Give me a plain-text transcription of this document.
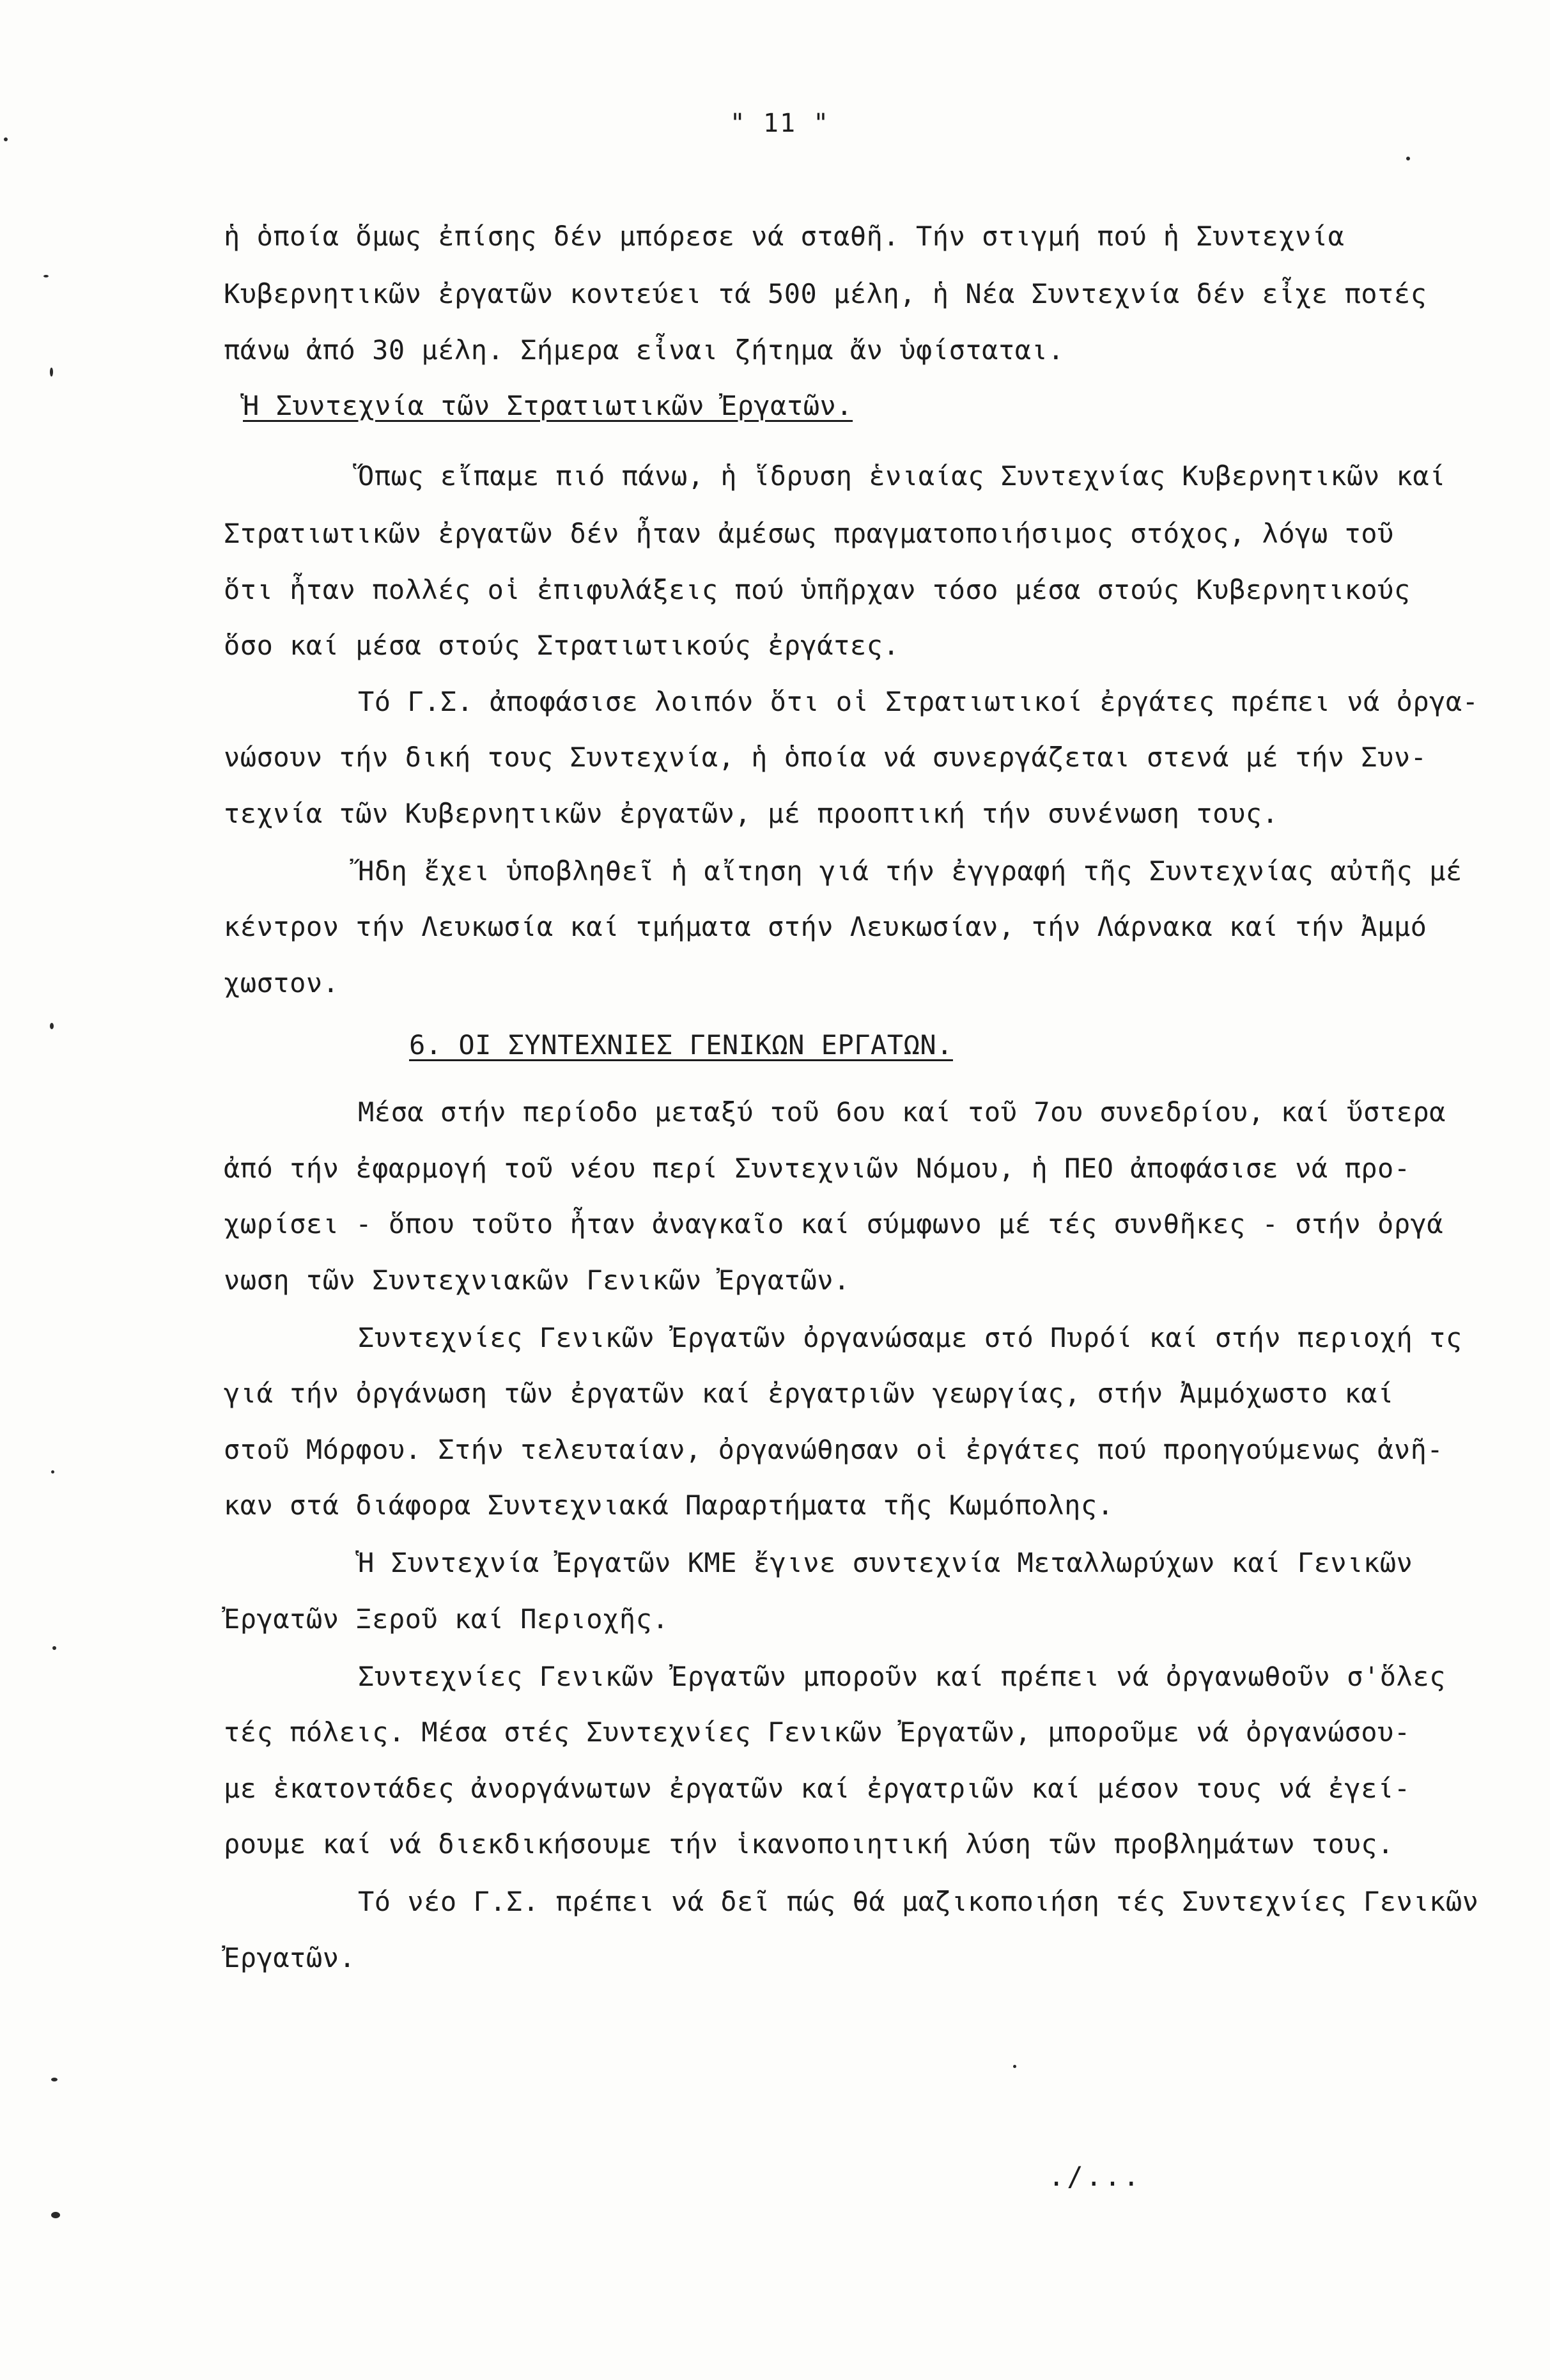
" 11 "
ἡ ὁποία ὅμως ἐπίσης δέν μπόρεσε νά σταθῆ. Τήν στιγμή πού ἡ Συντεχνία
Κυβερνητικῶν ἐργατῶν κοντεύει τά 500 μέλη, ἡ Νέα Συντεχνία δέν εἶχε ποτές
πάνω ἀπό 30 μέλη. Σήμερα εἶναι ζήτημα ἄν ὑφίσταται.
Ἡ Συντεχνία τῶν Στρατιωτικῶν Ἐργατῶν.
Ὅπως εἴπαμε πιό πάνω, ἡ ἵδρυση ἑνιαίας Συντεχνίας Κυβερνητικῶν καί
Στρατιωτικῶν ἐργατῶν δέν ἦταν ἀμέσως πραγματοποιήσιμος στόχος, λόγω τοῦ
ὅτι ἦταν πολλές οἱ ἐπιφυλάξεις πού ὑπῆρχαν τόσο μέσα στούς Κυβερνητικούς
ὅσο καί μέσα στούς Στρατιωτικούς ἐργάτες.
Τό Γ.Σ. ἀποφάσισε λοιπόν ὅτι οἱ Στρατιωτικοί ἐργάτες πρέπει νά ὀργα-
νώσουν τήν δική τους Συντεχνία, ἡ ὁποία νά συνεργάζεται στενά μέ τήν Συν-
τεχνία τῶν Κυβερνητικῶν ἐργατῶν, μέ προοπτική τήν συνένωση τους.
Ἤδη ἔχει ὑποβληθεῖ ἡ αἴτηση γιά τήν ἐγγραφή τῆς Συντεχνίας αὐτῆς μέ
κέντρον τήν Λευκωσία καί τμήματα στήν Λευκωσίαν, τήν Λάρνακα καί τήν Ἀμμό
χωστον.
6. ΟΙ ΣΥΝΤΕΧΝΙΕΣ ΓΕΝΙΚΩΝ ΕΡΓΑΤΩΝ.
Μέσα στήν περίοδο μεταξύ τοῦ 6ου καί τοῦ 7ου συνεδρίου, καί ὕστερα
ἀπό τήν ἐφαρμογή τοῦ νέου περί Συντεχνιῶν Νόμου, ἡ ΠΕΟ ἀποφάσισε νά προ-
χωρίσει - ὅπου τοῦτο ἦταν ἀναγκαῖο καί σύμφωνο μέ τές συνθῆκες - στήν ὀργά
νωση τῶν Συντεχνιακῶν Γενικῶν Ἐργατῶν.
Συντεχνίες Γενικῶν Ἐργατῶν ὀργανώσαμε στό Πυρόί καί στήν περιοχή τς
γιά τήν ὀργάνωση τῶν ἐργατῶν καί ἐργατριῶν γεωργίας, στήν Ἀμμόχωστο καί
στοῦ Μόρφου. Στήν τελευταίαν, ὀργανώθησαν οἱ ἐργάτες πού προηγούμενως ἀνῆ-
καν στά διάφορα Συντεχνιακά Παραρτήματα τῆς Κωμόπολης.
Ἡ Συντεχνία Ἐργατῶν ΚΜΕ ἔγινε συντεχνία Μεταλλωρύχων καί Γενικῶν
Ἐργατῶν Ξεροῦ καί Περιοχῆς.
Συντεχνίες Γενικῶν Ἐργατῶν μποροῦν καί πρέπει νά ὀργανωθοῦν σ'ὅλες
τές πόλεις. Μέσα στές Συντεχνίες Γενικῶν Ἐργατῶν, μποροῦμε νά ὀργανώσου-
με ἑκατοντάδες ἀνοργάνωτων ἐργατῶν καί ἐργατριῶν καί μέσον τους νά ἐγεί-
ρουμε καί νά διεκδικήσουμε τήν ἱκανοποιητική λύση τῶν προβλημάτων τους.
Τό νέο Γ.Σ. πρέπει νά δεῖ πώς θά μαζικοποιήση τές Συντεχνίες Γενικῶν
Ἐργατῶν.
./...
